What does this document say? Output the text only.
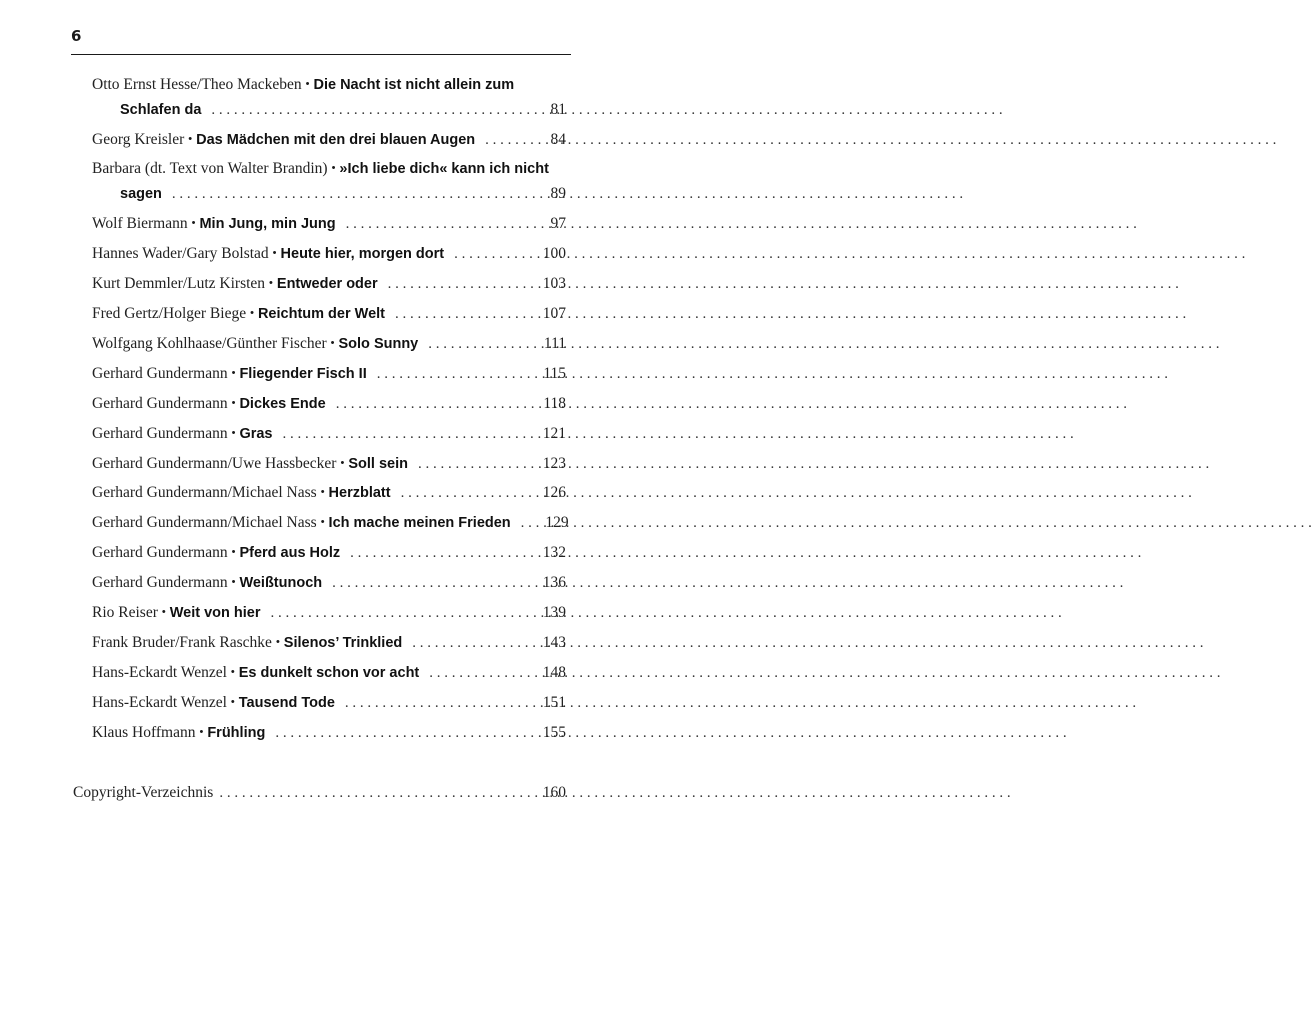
6
Otto Ernst Hesse/Theo Mackeben • Die Nacht ist nicht allein zum
Schlafen da . . .	81
Georg Kreisler • Das Mädchen mit den drei blauen Augen . . .	84
Barbara (dt. Text von Walter Brandin) • »Ich liebe dich« kann ich nicht
sagen . . .	89
Wolf Biermann • Min Jung, min Jung . . .	97
Hannes Wader/Gary Bolstad • Heute hier, morgen dort . . .	100
Kurt Demmler/Lutz Kirsten • Entweder oder . . .	103
Fred Gertz/Holger Biege • Reichtum der Welt . . .	107
Wolfgang Kohlhaase/Günther Fischer • Solo Sunny . . .	111
Gerhard Gundermann • Fliegender Fisch II . . .	115
Gerhard Gundermann • Dickes Ende . . .	118
Gerhard Gundermann • Gras . . .	121
Gerhard Gundermann/Uwe Hassbecker • Soll sein . . .	123
Gerhard Gundermann/Michael Nass • Herzblatt . . .	126
Gerhard Gundermann/Michael Nass • Ich mache meinen Frieden . . . 129
Gerhard Gundermann • Pferd aus Holz . . .	132
Gerhard Gundermann • Weißtunoch . . .	136
Rio Reiser • Weit von hier . . .	139
Frank Bruder/Frank Raschke • Silenos’ Trinklied . . .	143
Hans-Eckardt Wenzel • Es dunkelt schon vor acht . . .	148
Hans-Eckardt Wenzel • Tausend Tode . . .	151
Klaus Hoffmann • Frühling . . .	155
Copyright-Verzeichnis . . .	160
